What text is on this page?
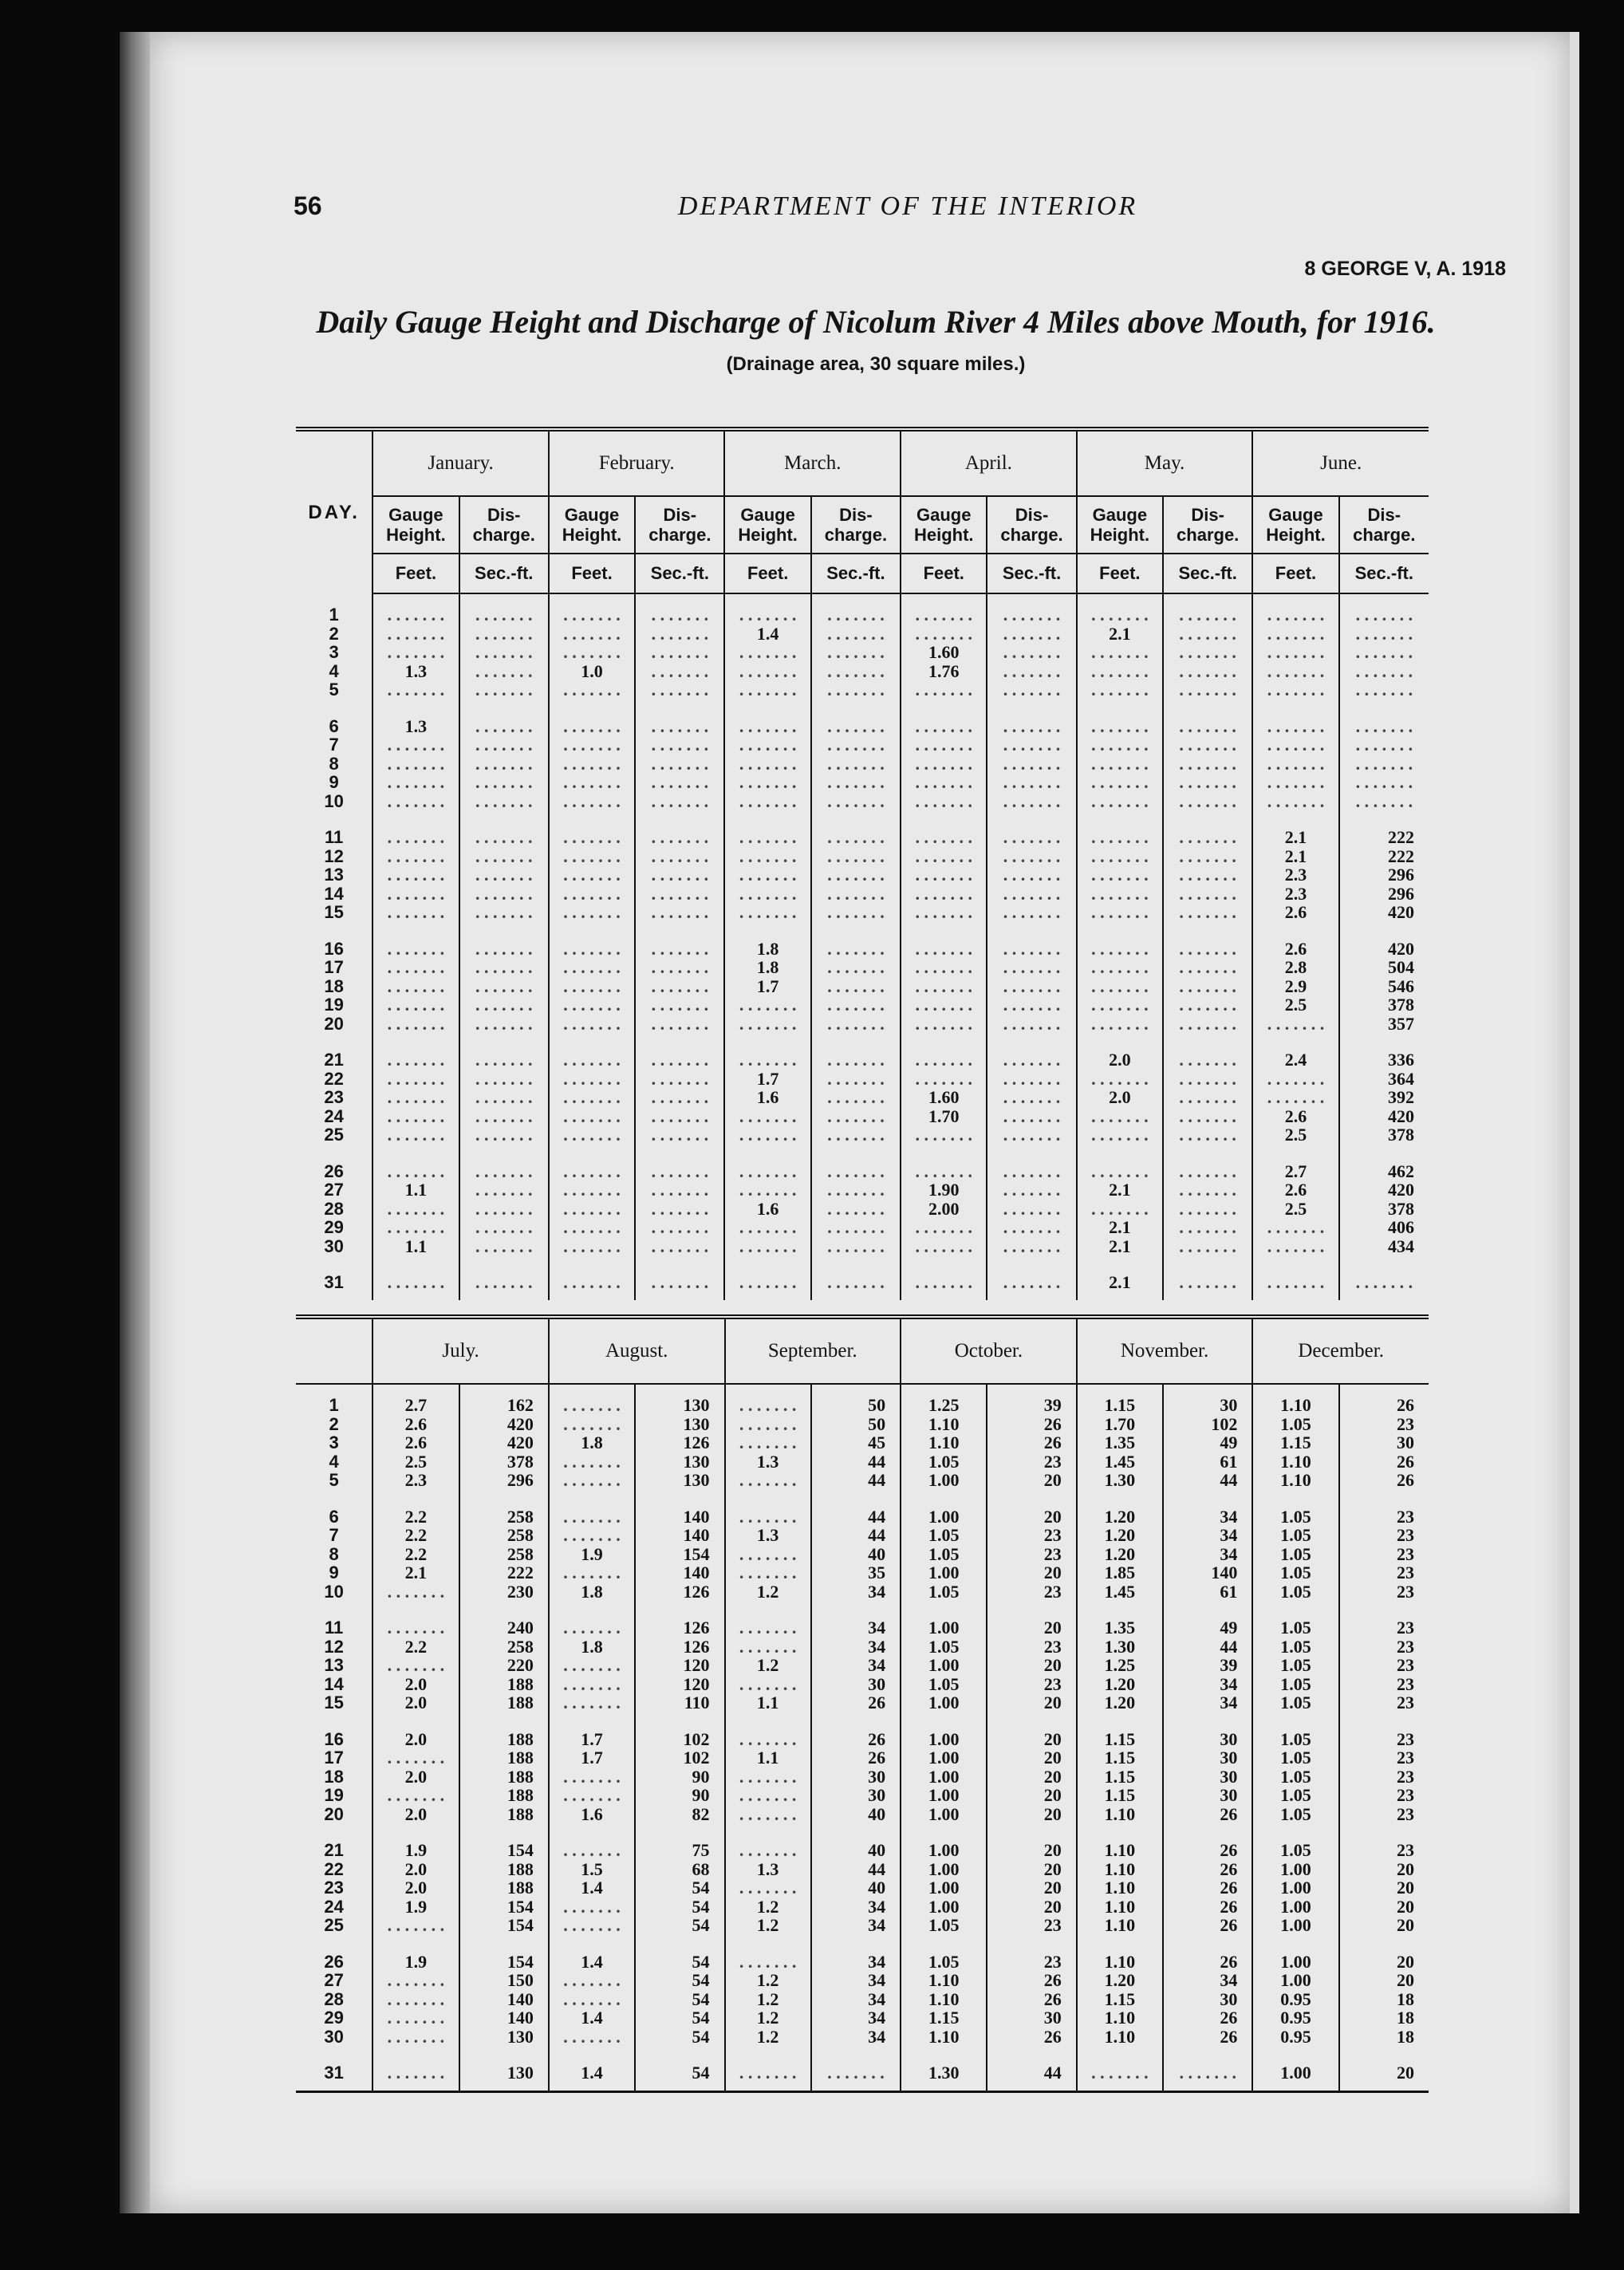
56	DEPARTMENT OF THE INTERIOR
8 GEORGE V, A. 1918
Daily Gauge Height and Discharge of Nicolum River 4 Miles above Mouth, for 1916.
(Drainage area, 30 square miles.)
DAY.	January.		February.		March.		April.		May.		June.	
	Gauge Height.	Dis- charge.	Gauge Height.	Dis- charge.	Gauge Height.	Dis- charge.	Gauge Height.	Dis- charge.	Gauge Height.	Dis- charge.	Gauge Height.	Dis- charge.
	Feet.	Sec.-ft.	Feet.	Sec.-ft.	Feet.	Sec.-ft.	Feet.	Sec.-ft.	Feet.	Sec.-ft.	Feet.	Sec.-ft.
1	. . . . . . .	. . . . . . .	. . . . . . .	. . . . . . .	. . . . . . .	. . . . . . .	. . . . . . .	. . . . . . .	. . . . . . .	. . . . . . .	. . . . . . .	. . . . . . .
2	. . . . . . .	. . . . . . .	. . . . . . .	. . . . . . .	1.4	. . . . . . .	. . . . . . .	. . . . . . .	2.1	. . . . . . .	. . . . . . .	. . . . . . .
3	. . . . . . .	. . . . . . .	. . . . . . .	. . . . . . .	. . . . . . .	. . . . . . .	1.60	. . . . . . .	. . . . . . .	. . . . . . .	. . . . . . .	. . . . . . .
4	1.3	. . . . . . .	1.0	. . . . . . .	. . . . . . .	. . . . . . .	1.76	. . . . . . .	. . . . . . .	. . . . . . .	. . . . . . .	. . . . . . .
5	. . . . . . .	. . . . . . .	. . . . . . .	. . . . . . .	. . . . . . .	. . . . . . .	. . . . . . .	. . . . . . .	. . . . . . .	. . . . . . .	. . . . . . .	. . . . . . .
6	1.3	. . . . . . .	. . . . . . .	. . . . . . .	. . . . . . .	. . . . . . .	. . . . . . .	. . . . . . .	. . . . . . .	. . . . . . .	. . . . . . .	. . . . . . .
7	. . . . . . .	. . . . . . .	. . . . . . .	. . . . . . .	. . . . . . .	. . . . . . .	. . . . . . .	. . . . . . .	. . . . . . .	. . . . . . .	. . . . . . .	. . . . . . .
8	. . . . . . .	. . . . . . .	. . . . . . .	. . . . . . .	. . . . . . .	. . . . . . .	. . . . . . .	. . . . . . .	. . . . . . .	. . . . . . .	. . . . . . .	. . . . . . .
9	. . . . . . .	. . . . . . .	. . . . . . .	. . . . . . .	. . . . . . .	. . . . . . .	. . . . . . .	. . . . . . .	. . . . . . .	. . . . . . .	. . . . . . .	. . . . . . .
10	. . . . . . .	. . . . . . .	. . . . . . .	. . . . . . .	. . . . . . .	. . . . . . .	. . . . . . .	. . . . . . .	. . . . . . .	. . . . . . .	. . . . . . .	. . . . . . .
11	. . . . . . .	. . . . . . .	. . . . . . .	. . . . . . .	. . . . . . .	. . . . . . .	. . . . . . .	. . . . . . .	. . . . . . .	. . . . . . .	2.1	222
12	. . . . . . .	. . . . . . .	. . . . . . .	. . . . . . .	. . . . . . .	. . . . . . .	. . . . . . .	. . . . . . .	. . . . . . .	. . . . . . .	2.1	222
13	. . . . . . .	. . . . . . .	. . . . . . .	. . . . . . .	. . . . . . .	. . . . . . .	. . . . . . .	. . . . . . .	. . . . . . .	. . . . . . .	2.3	296
14	. . . . . . .	. . . . . . .	. . . . . . .	. . . . . . .	. . . . . . .	. . . . . . .	. . . . . . .	. . . . . . .	. . . . . . .	. . . . . . .	2.3	296
15	. . . . . . .	. . . . . . .	. . . . . . .	. . . . . . .	. . . . . . .	. . . . . . .	. . . . . . .	. . . . . . .	. . . . . . .	. . . . . . .	2.6	420
16	. . . . . . .	. . . . . . .	. . . . . . .	. . . . . . .	1.8	. . . . . . .	. . . . . . .	. . . . . . .	. . . . . . .	. . . . . . .	2.6	420
17	. . . . . . .	. . . . . . .	. . . . . . .	. . . . . . .	1.8	. . . . . . .	. . . . . . .	. . . . . . .	. . . . . . .	. . . . . . .	2.8	504
18	. . . . . . .	. . . . . . .	. . . . . . .	. . . . . . .	1.7	. . . . . . .	. . . . . . .	. . . . . . .	. . . . . . .	. . . . . . .	2.9	546
19	. . . . . . .	. . . . . . .	. . . . . . .	. . . . . . .	. . . . . . .	. . . . . . .	. . . . . . .	. . . . . . .	. . . . . . .	. . . . . . .	2.5	378
20	. . . . . . .	. . . . . . .	. . . . . . .	. . . . . . .	. . . . . . .	. . . . . . .	. . . . . . .	. . . . . . .	. . . . . . .	. . . . . . .	. . . . . . .	357
21	. . . . . . .	. . . . . . .	. . . . . . .	. . . . . . .	. . . . . . .	. . . . . . .	. . . . . . .	. . . . . . .	2.0	. . . . . . .	2.4	336
22	. . . . . . .	. . . . . . .	. . . . . . .	. . . . . . .	1.7	. . . . . . .	. . . . . . .	. . . . . . .	. . . . . . .	. . . . . . .	. . . . . . .	364
23	. . . . . . .	. . . . . . .	. . . . . . .	. . . . . . .	1.6	. . . . . . .	1.60	. . . . . . .	2.0	. . . . . . .	. . . . . . .	392
24	. . . . . . .	. . . . . . .	. . . . . . .	. . . . . . .	. . . . . . .	. . . . . . .	1.70	. . . . . . .	. . . . . . .	. . . . . . .	2.6	420
25	. . . . . . .	. . . . . . .	. . . . . . .	. . . . . . .	. . . . . . .	. . . . . . .	. . . . . . .	. . . . . . .	. . . . . . .	. . . . . . .	2.5	378
26	. . . . . . .	. . . . . . .	. . . . . . .	. . . . . . .	. . . . . . .	. . . . . . .	. . . . . . .	. . . . . . .	. . . . . . .	. . . . . . .	2.7	462
27	1.1	. . . . . . .	. . . . . . .	. . . . . . .	. . . . . . .	. . . . . . .	1.90	. . . . . . .	2.1	. . . . . . .	2.6	420
28	. . . . . . .	. . . . . . .	. . . . . . .	. . . . . . .	1.6	. . . . . . .	2.00	. . . . . . .	. . . . . . .	. . . . . . .	2.5	378
29	. . . . . . .	. . . . . . .	. . . . . . .	. . . . . . .	. . . . . . .	. . . . . . .	. . . . . . .	. . . . . . .	2.1	. . . . . . .	. . . . . . .	406
30	1.1	. . . . . . .	. . . . . . .	. . . . . . .	. . . . . . .	. . . . . . .	. . . . . . .	. . . . . . .	2.1	. . . . . . .	. . . . . . .	434
31	. . . . . . .	. . . . . . .	. . . . . . .	. . . . . . .	. . . . . . .	. . . . . . .	. . . . . . .	. . . . . . .	2.1	. . . . . . .	. . . . . . .	. . . . . . .
	July.		August.		September.		October.		November.		December.	
1	2.7	162	. . . . . . .	130	. . . . . . .	50	1.25	39	1.15	30	1.10	26
2	2.6	420	. . . . . . .	130	. . . . . . .	50	1.10	26	1.70	102	1.05	23
3	2.6	420	1.8	126	. . . . . . .	45	1.10	26	1.35	49	1.15	30
4	2.5	378	. . . . . . .	130	1.3	44	1.05	23	1.45	61	1.10	26
5	2.3	296	. . . . . . .	130	. . . . . . .	44	1.00	20	1.30	44	1.10	26
6	2.2	258	. . . . . . .	140	. . . . . . .	44	1.00	20	1.20	34	1.05	23
7	2.2	258	. . . . . . .	140	1.3	44	1.05	23	1.20	34	1.05	23
8	2.2	258	1.9	154	. . . . . . .	40	1.05	23	1.20	34	1.05	23
9	2.1	222	. . . . . . .	140	. . . . . . .	35	1.00	20	1.85	140	1.05	23
10	. . . . . . .	230	1.8	126	1.2	34	1.05	23	1.45	61	1.05	23
11	. . . . . . .	240	. . . . . . .	126	. . . . . . .	34	1.00	20	1.35	49	1.05	23
12	2.2	258	1.8	126	. . . . . . .	34	1.05	23	1.30	44	1.05	23
13	. . . . . . .	220	. . . . . . .	120	1.2	34	1.00	20	1.25	39	1.05	23
14	2.0	188	. . . . . . .	120	. . . . . . .	30	1.05	23	1.20	34	1.05	23
15	2.0	188	. . . . . . .	110	1.1	26	1.00	20	1.20	34	1.05	23
16	2.0	188	1.7	102	. . . . . . .	26	1.00	20	1.15	30	1.05	23
17	. . . . . . .	188	1.7	102	1.1	26	1.00	20	1.15	30	1.05	23
18	2.0	188	. . . . . . .	90	. . . . . . .	30	1.00	20	1.15	30	1.05	23
19	. . . . . . .	188	. . . . . . .	90	. . . . . . .	30	1.00	20	1.15	30	1.05	23
20	2.0	188	1.6	82	. . . . . . .	40	1.00	20	1.10	26	1.05	23
21	1.9	154	. . . . . . .	75	. . . . . . .	40	1.00	20	1.10	26	1.05	23
22	2.0	188	1.5	68	1.3	44	1.00	20	1.10	26	1.00	20
23	2.0	188	1.4	54	. . . . . . .	40	1.00	20	1.10	26	1.00	20
24	1.9	154	. . . . . . .	54	1.2	34	1.00	20	1.10	26	1.00	20
25	. . . . . . .	154	. . . . . . .	54	1.2	34	1.05	23	1.10	26	1.00	20
26	1.9	154	1.4	54	. . . . . . .	34	1.05	23	1.10	26	1.00	20
27	. . . . . . .	150	. . . . . . .	54	1.2	34	1.10	26	1.20	34	1.00	20
28	. . . . . . .	140	. . . . . . .	54	1.2	34	1.10	26	1.15	30	0.95	18
29	. . . . . . .	140	1.4	54	1.2	34	1.15	30	1.10	26	0.95	18
30	. . . . . . .	130	. . . . . . .	54	1.2	34	1.10	26	1.10	26	0.95	18
31	. . . . . . .	130	1.4	54	. . . . . . .	. . . . . . .	1.30	44	. . . . . . .	. . . . . . .	1.00	20
